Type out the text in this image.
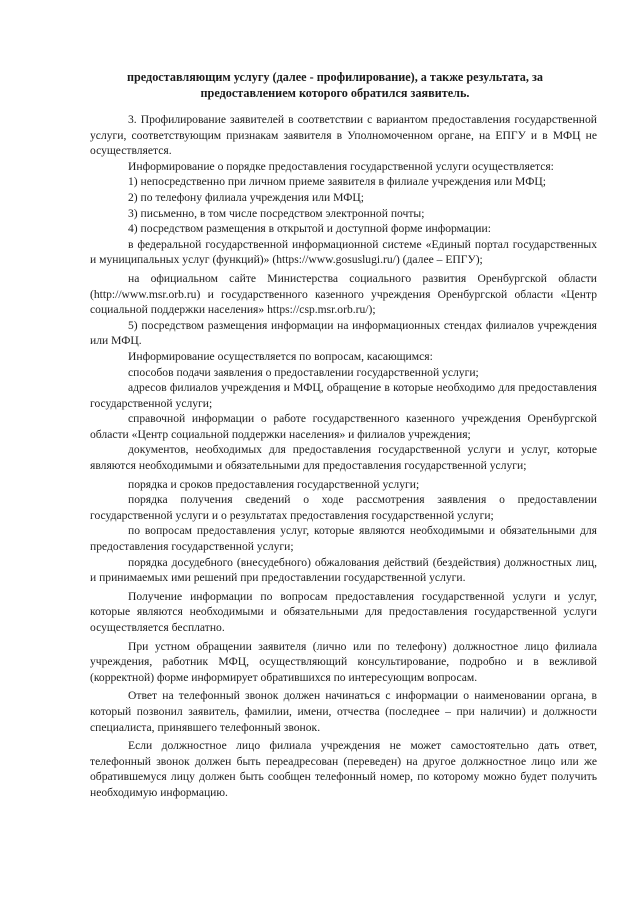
предоставляющим услугу (далее - профилирование), а также результата, за
предоставлением которого обратился заявитель.

3. Профилирование заявителей в соответствии с вариантом предоставления государственной услуги, соответствующим признакам заявителя в Уполномоченном органе, на ЕПГУ и в МФЦ не осуществляется.

Информирование о порядке предоставления государственной услуги осуществляется:

1) непосредственно при личном приеме заявителя в филиале учреждения или МФЦ;

2) по телефону филиала учреждения или МФЦ;

3) письменно, в том числе посредством электронной почты;

4) посредством размещения в открытой и доступной форме информации:

в федеральной государственной информационной системе «Единый портал государственных и муниципальных услуг (функций)» (https://www.gosuslugi.ru/) (далее – ЕПГУ);

на официальном сайте Министерства социального развития Оренбургской области (http://www.msr.orb.ru) и государственного казенного учреждения Оренбургской области «Центр социальной поддержки населения» https://csp.msr.orb.ru/);

5) посредством размещения информации на информационных стендах филиалов учреждения или МФЦ.

Информирование осуществляется по вопросам, касающимся:

способов подачи заявления о предоставлении государственной услуги;

адресов филиалов учреждения и МФЦ, обращение в которые необходимо для предоставления государственной услуги;

справочной информации о работе государственного казенного учреждения Оренбургской области «Центр социальной поддержки населения» и филиалов учреждения;

документов, необходимых для предоставления государственной услуги и услуг, которые являются необходимыми и обязательными для предоставления государственной услуги;

порядка и сроков предоставления государственной услуги;

порядка получения сведений о ходе рассмотрения заявления о предоставлении государственной услуги и о результатах предоставления государственной услуги;

по вопросам предоставления услуг, которые являются необходимыми и обязательными для предоставления государственной услуги;

порядка досудебного (внесудебного) обжалования действий (бездействия) должностных лиц, и принимаемых ими решений при предоставлении государственной услуги.

Получение информации по вопросам предоставления государственной услуги и услуг, которые являются необходимыми и обязательными для предоставления государственной услуги осуществляется бесплатно.

При устном обращении заявителя (лично или по телефону) должностное лицо филиала учреждения, работник МФЦ, осуществляющий консультирование, подробно и в вежливой (корректной) форме информирует обратившихся по интересующим вопросам.

Ответ на телефонный звонок должен начинаться с информации о наименовании органа, в который позвонил заявитель, фамилии, имени, отчества (последнее – при наличии) и должности специалиста, принявшего телефонный звонок.

Если должностное лицо филиала учреждения не может самостоятельно дать ответ, телефонный звонок должен быть переадресован (переведен) на другое должностное лицо или же обратившемуся лицу должен быть сообщен телефонный номер, по которому можно будет получить необходимую информацию.
